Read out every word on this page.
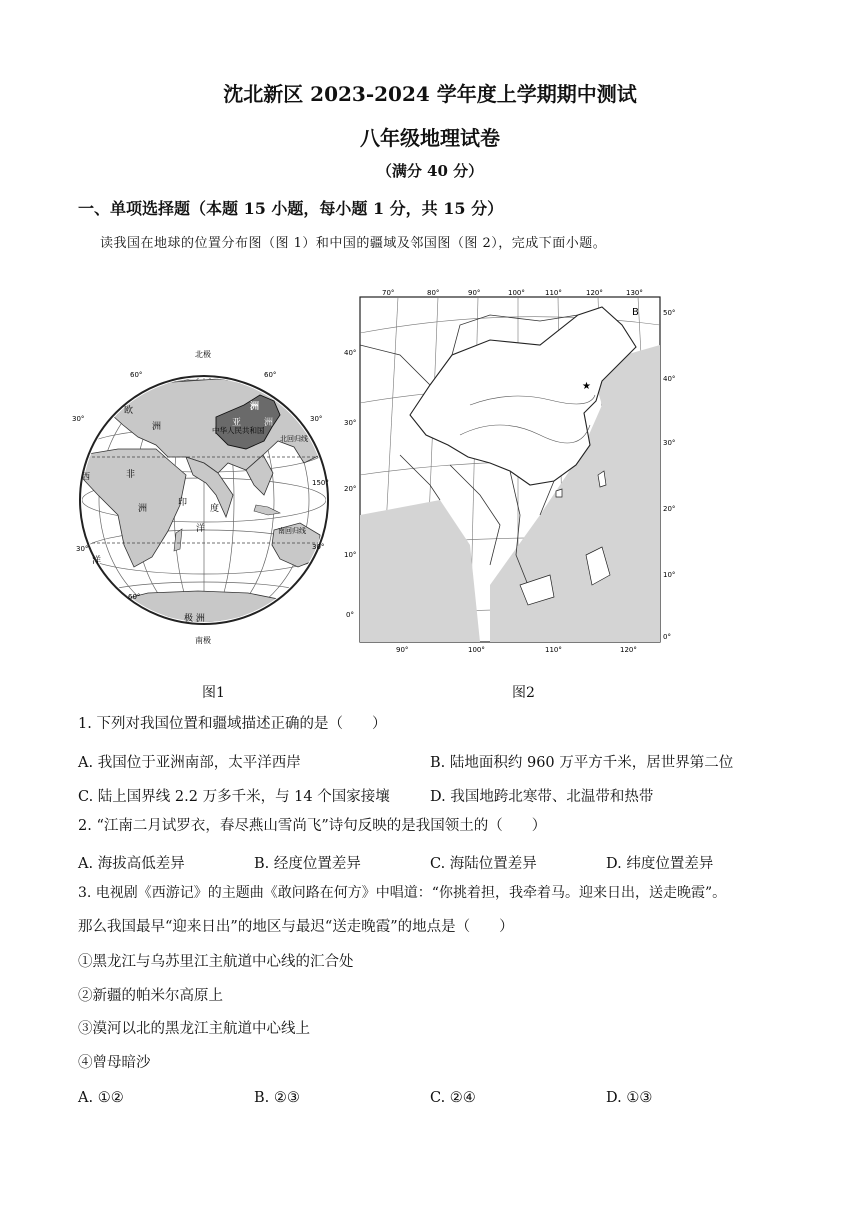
沈北新区 2023-2024 学年度上学期期中测试
八年级地理试卷
（满分 40 分）
一、单项选择题（本题 15 小题，每小题 1 分，共 15 分）
读我国在地球的位置分布图（图 1）和中国的疆域及邻国图（图 2），完成下面小题。
北极
南极
中华人民共和国
洲
亚	洲
欧
洲
非
洲
印
度
洋
洋
西
极 洲
北回归线
南回归线
60°
30°
30°
60°
150°
60°
30°
30°
★
70°	80°	90°	100°	110°	120°	130°
90°	100°	110°	120°
40°
30°
20°
10°
0°
50°
40°
30°
20°
10°
0°
B
图1	图2
1. 下列对我国位置和疆域描述正确的是（　　）
A. 我国位于亚洲南部，太平洋西岸	B. 陆地面积约 960 万平方千米，居世界第二位
C. 陆上国界线 2.2 万多千米，与 14 个国家接壤	D. 我国地跨北寒带、北温带和热带
2. “江南二月试罗衣，春尽燕山雪尚飞”诗句反映的是我国领土的（　　）
A. 海拔高低差异	B. 经度位置差异	C. 海陆位置差异	D. 纬度位置差异
3. 电视剧《西游记》的主题曲《敢问路在何方》中唱道：“你挑着担，我牵着马。迎来日出，送走晚霞”。
那么我国最早“迎来日出”的地区与最迟“送走晚霞”的地点是（　　）
①黑龙江与乌苏里江主航道中心线的汇合处
②新疆的帕米尔高原上
③漠河以北的黑龙江主航道中心线上
④曾母暗沙
A. ①②	B. ②③	C. ②④	D. ①③
